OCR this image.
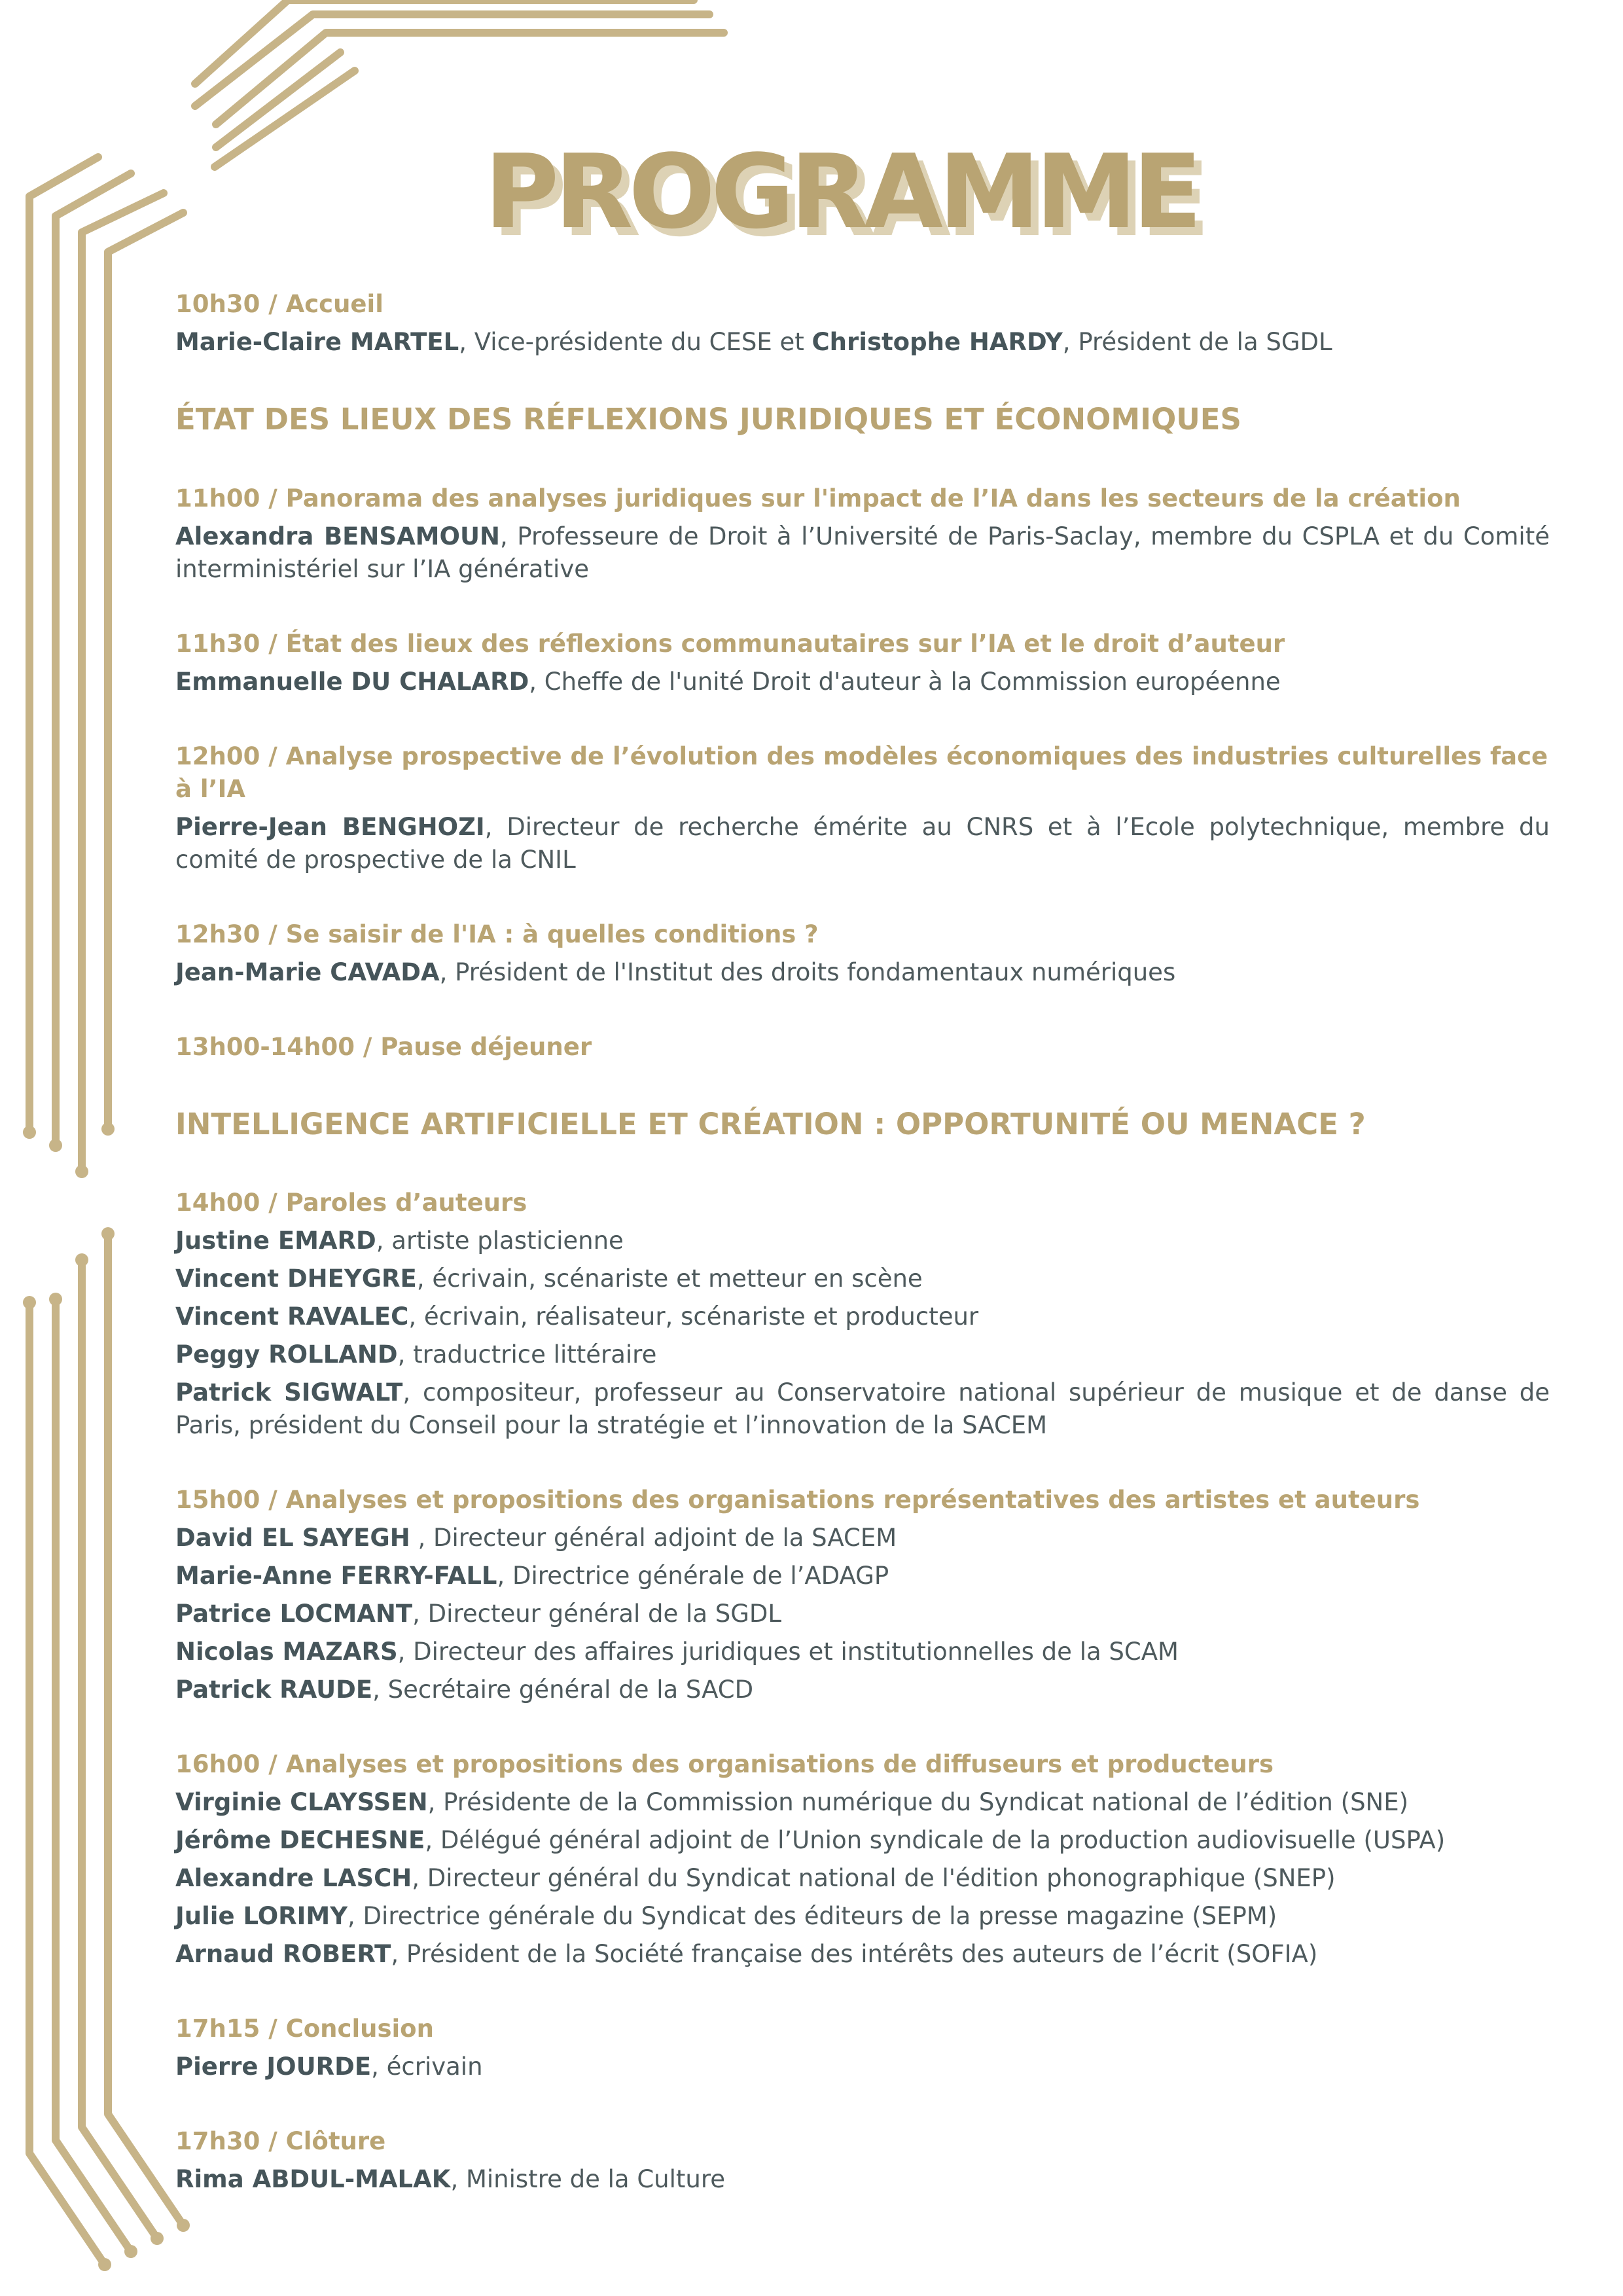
PROGRAMME
10h30 / Accueil
Marie-Claire MARTEL, Vice-présidente du CESE et Christophe HARDY, Président de la SGDL
ÉTAT DES LIEUX DES RÉFLEXIONS JURIDIQUES ET ÉCONOMIQUES
11h00 / Panorama des analyses juridiques sur l'impact de l’IA dans les secteurs de la création
Alexandra BENSAMOUN, Professeure de Droit à l’Université de Paris-Saclay, membre du CSPLA et du Comité interministériel sur l’IA générative
11h30 / État des lieux des réflexions communautaires sur l’IA et le droit d’auteur
Emmanuelle DU CHALARD, Cheffe de l'unité Droit d'auteur à la Commission européenne
12h00 / Analyse prospective de l’évolution des modèles économiques des industries culturelles face à l’IA
Pierre-Jean BENGHOZI, Directeur de recherche émérite au CNRS et à l’Ecole polytechnique, membre du comité de prospective de la CNIL
12h30 / Se saisir de l'IA : à quelles conditions ?
Jean-Marie CAVADA, Président de l'Institut des droits fondamentaux numériques
13h00-14h00 / Pause déjeuner
INTELLIGENCE ARTIFICIELLE ET CRÉATION : OPPORTUNITÉ OU MENACE ?
14h00 / Paroles d’auteurs
Justine EMARD, artiste plasticienne
Vincent DHEYGRE, écrivain, scénariste et metteur en scène
Vincent RAVALEC, écrivain, réalisateur, scénariste et producteur
Peggy ROLLAND, traductrice littéraire
Patrick SIGWALT, compositeur, professeur au Conservatoire national supérieur de musique et de danse de Paris, président du Conseil pour la stratégie et l’innovation de la SACEM
15h00 / Analyses et propositions des organisations représentatives des artistes et auteurs
David EL SAYEGH , Directeur général adjoint de la SACEM
Marie-Anne FERRY-FALL, Directrice générale de l’ADAGP
Patrice LOCMANT, Directeur général de la SGDL
Nicolas MAZARS, Directeur des affaires juridiques et institutionnelles de la SCAM
Patrick RAUDE, Secrétaire général de la SACD
16h00 / Analyses et propositions des organisations de diffuseurs et producteurs
Virginie CLAYSSEN, Présidente de la Commission numérique du Syndicat national de l’édition (SNE)
Jérôme DECHESNE, Délégué général adjoint de l’Union syndicale de la production audiovisuelle (USPA)
Alexandre LASCH, Directeur général du Syndicat national de l'édition phonographique (SNEP)
Julie LORIMY, Directrice générale du Syndicat des éditeurs de la presse magazine (SEPM)
Arnaud ROBERT, Président de la Société française des intérêts des auteurs de l’écrit (SOFIA)
17h15 / Conclusion
Pierre JOURDE, écrivain
17h30 / Clôture
Rima ABDUL-MALAK, Ministre de la Culture
